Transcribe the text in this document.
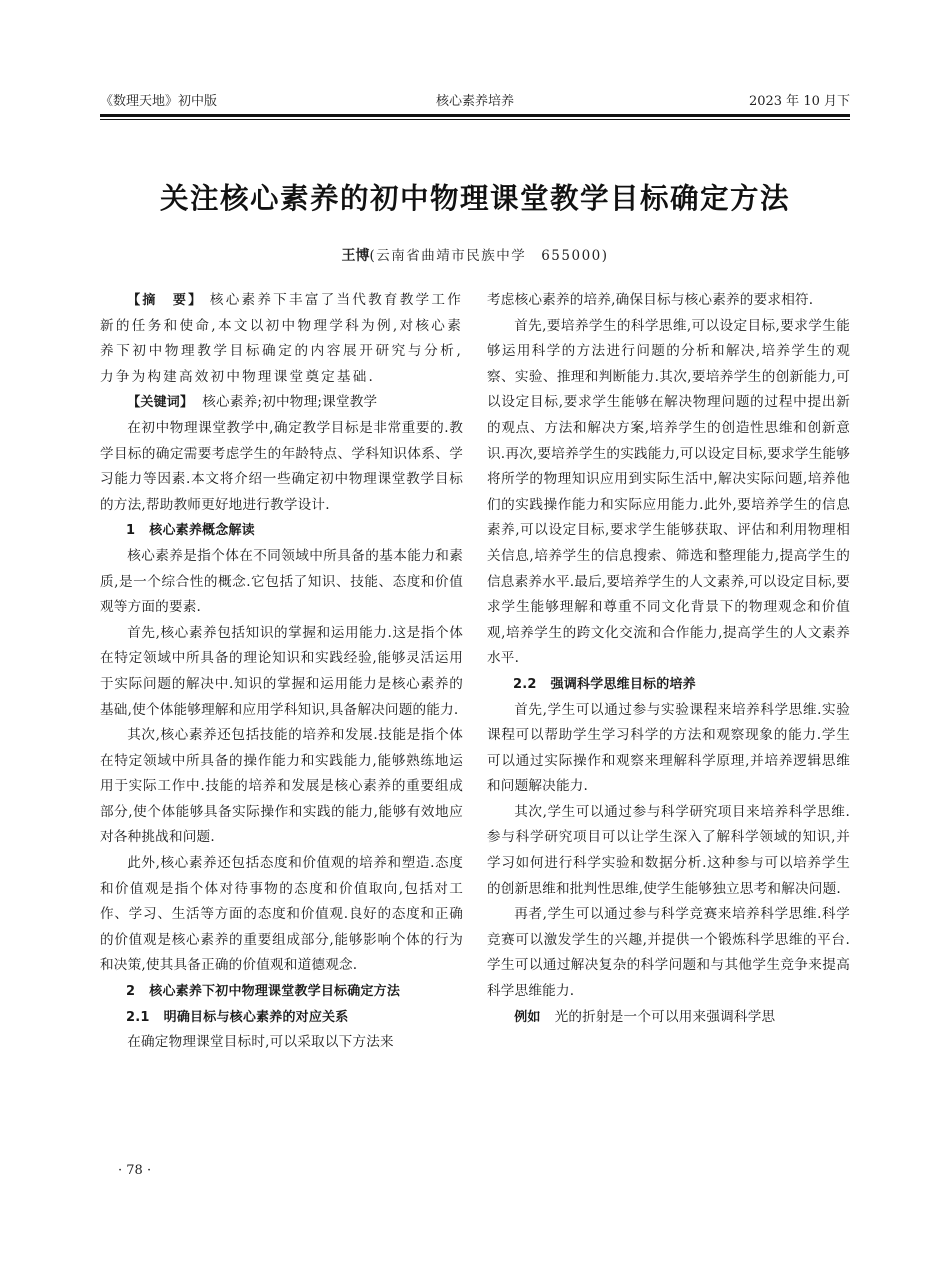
《数理天地》初中版	核心素养培养	2023 年 10 月下
关注核心素养的初中物理课堂教学目标确定方法
王博(云南省曲靖市民族中学　655000)

【摘　要】 核心素养下丰富了当代教育教学工作新的任务和使命,本文以初中物理学科为例,对核心素养下初中物理教学目标确定的内容展开研究与分析,力争为构建高效初中物理课堂奠定基础.

【关键词】 核心素养;初中物理;课堂教学

在初中物理课堂教学中,确定教学目标是非常重要的.教学目标的确定需要考虑学生的年龄特点、学科知识体系、学习能力等因素.本文将介绍一些确定初中物理课堂教学目标的方法,帮助教师更好地进行教学设计.

1 核心素养概念解读

核心素养是指个体在不同领域中所具备的基本能力和素质,是一个综合性的概念.它包括了知识、技能、态度和价值观等方面的要素.

首先,核心素养包括知识的掌握和运用能力.这是指个体在特定领域中所具备的理论知识和实践经验,能够灵活运用于实际问题的解决中.知识的掌握和运用能力是核心素养的基础,使个体能够理解和应用学科知识,具备解决问题的能力.

其次,核心素养还包括技能的培养和发展.技能是指个体在特定领域中所具备的操作能力和实践能力,能够熟练地运用于实际工作中.技能的培养和发展是核心素养的重要组成部分,使个体能够具备实际操作和实践的能力,能够有效地应对各种挑战和问题.

此外,核心素养还包括态度和价值观的培养和塑造.态度和价值观是指个体对待事物的态度和价值取向,包括对工作、学习、生活等方面的态度和价值观.良好的态度和正确的价值观是核心素养的重要组成部分,能够影响个体的行为和决策,使其具备正确的价值观和道德观念.

2 核心素养下初中物理课堂教学目标确定方法
2.1 明确目标与核心素养的对应关系

在确定物理课堂目标时,可以采取以下方法来

考虑核心素养的培养,确保目标与核心素养的要求相符.

首先,要培养学生的科学思维,可以设定目标,要求学生能够运用科学的方法进行问题的分析和解决,培养学生的观察、实验、推理和判断能力.其次,要培养学生的创新能力,可以设定目标,要求学生能够在解决物理问题的过程中提出新的观点、方法和解决方案,培养学生的创造性思维和创新意识.再次,要培养学生的实践能力,可以设定目标,要求学生能够将所学的物理知识应用到实际生活中,解决实际问题,培养他们的实践操作能力和实际应用能力.此外,要培养学生的信息素养,可以设定目标,要求学生能够获取、评估和利用物理相关信息,培养学生的信息搜索、筛选和整理能力,提高学生的信息素养水平.最后,要培养学生的人文素养,可以设定目标,要求学生能够理解和尊重不同文化背景下的物理观念和价值观,培养学生的跨文化交流和合作能力,提高学生的人文素养水平.

2.2 强调科学思维目标的培养

首先,学生可以通过参与实验课程来培养科学思维.实验课程可以帮助学生学习科学的方法和观察现象的能力.学生可以通过实际操作和观察来理解科学原理,并培养逻辑思维和问题解决能力.

其次,学生可以通过参与科学研究项目来培养科学思维.参与科学研究项目可以让学生深入了解科学领域的知识,并学习如何进行科学实验和数据分析.这种参与可以培养学生的创新思维和批判性思维,使学生能够独立思考和解决问题.

再者,学生可以通过参与科学竞赛来培养科学思维.科学竞赛可以激发学生的兴趣,并提供一个锻炼科学思维的平台.学生可以通过解决复杂的科学问题和与其他学生竞争来提高科学思维能力.

例如 光的折射是一个可以用来强调科学思

· 78 ·
